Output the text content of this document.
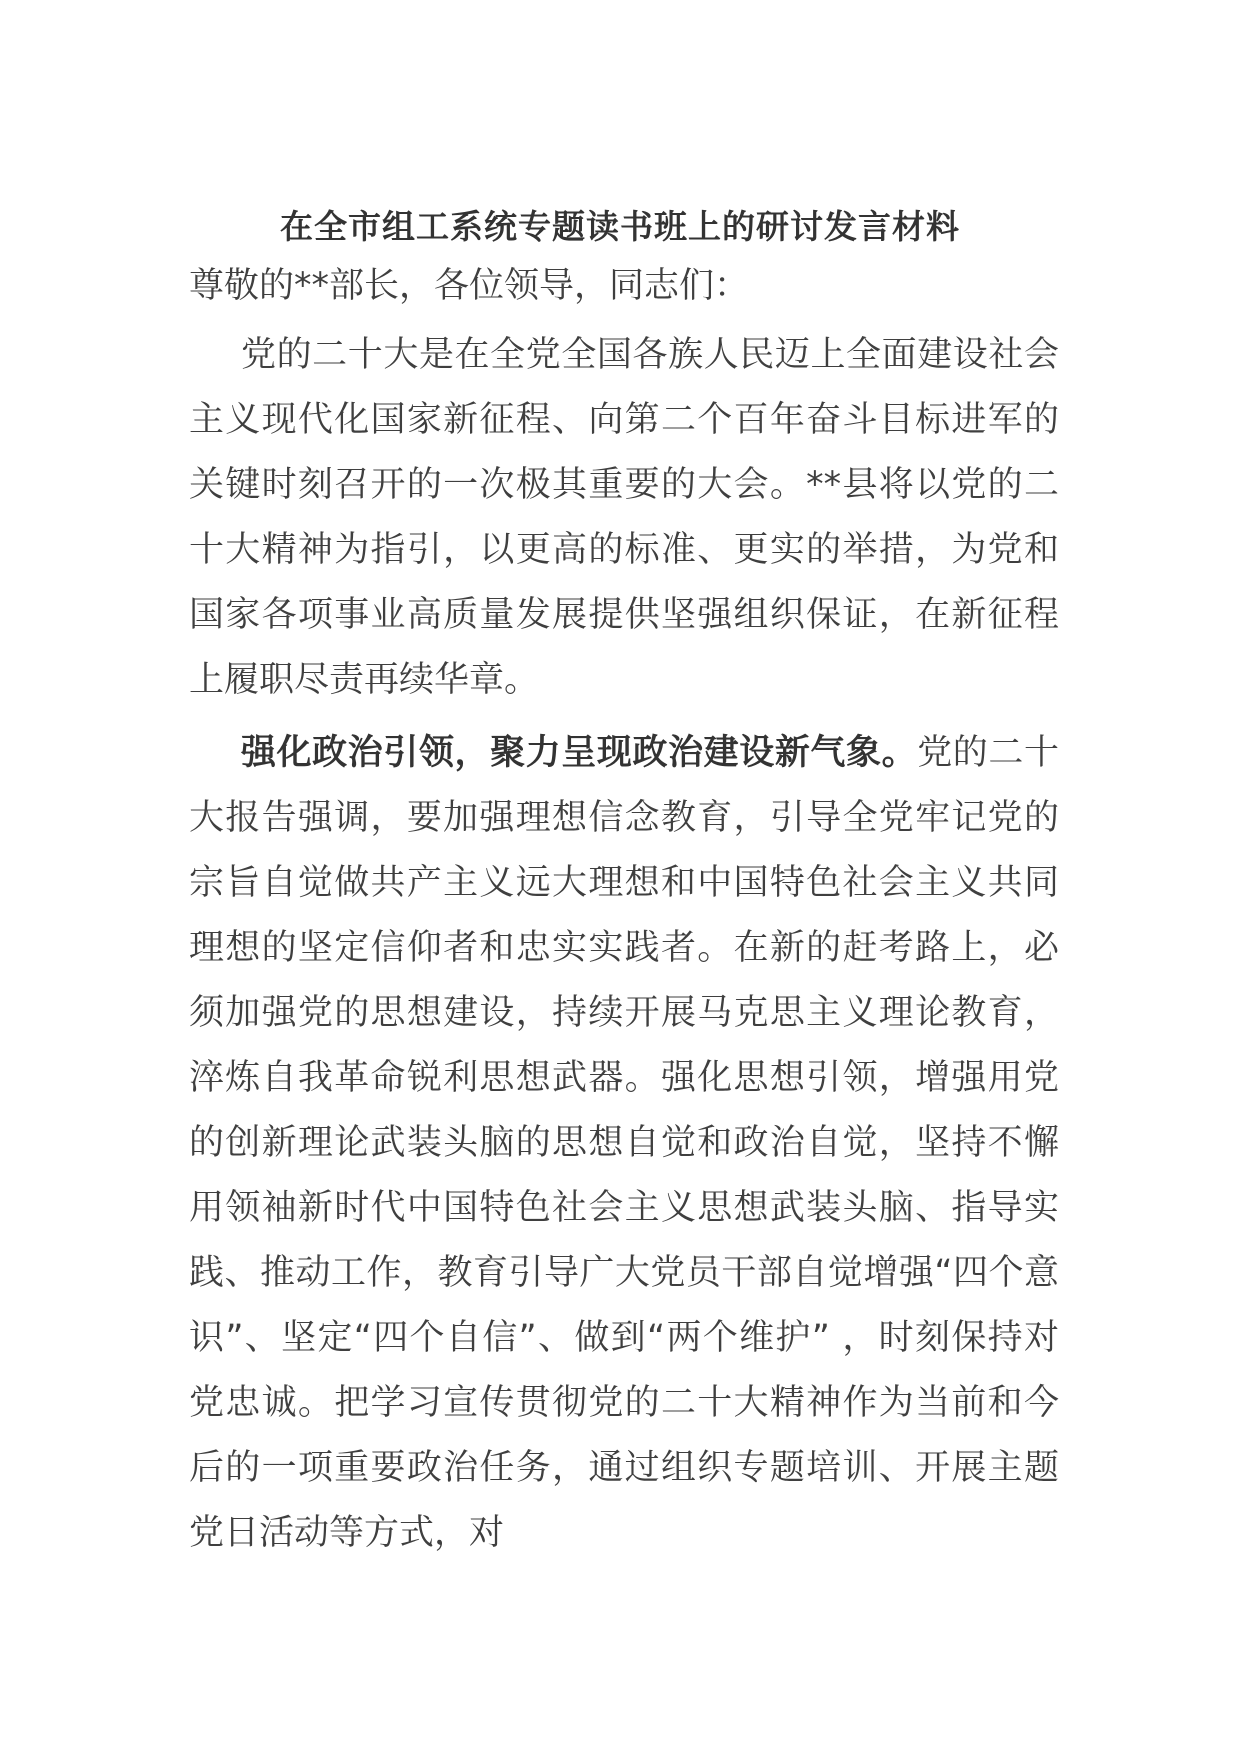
在全市组工系统专题读书班上的研讨发言材料

尊敬的**部长，各位领导，同志们：

党的二十大是在全党全国各族人民迈上全面建设社会主义现代化国家新征程、向第二个百年奋斗目标进军的关键时刻召开的一次极其重要的大会。**县将以党的二十大精神为指引，以更高的标准、更实的举措，为党和国家各项事业高质量发展提供坚强组织保证，在新征程上履职尽责再续华章。

强化政治引领，聚力呈现政治建设新气象。党的二十大报告强调，要加强理想信念教育，引导全党牢记党的宗旨自觉做共产主义远大理想和中国特色社会主义共同理想的坚定信仰者和忠实实践者。在新的赶考路上，必须加强党的思想建设，持续开展马克思主义理论教育，淬炼自我革命锐利思想武器。强化思想引领，增强用党的创新理论武装头脑的思想自觉和政治自觉，坚持不懈用领袖新时代中国特色社会主义思想武装头脑、指导实践、推动工作，教育引导广大党员干部自觉增强“四个意识”、坚定“四个自信”、做到“两个维护” ，时刻保持对党忠诚。把学习宣传贯彻党的二十大精神作为当前和今后的一项重要政治任务，通过组织专题培训、开展主题党日活动等方式，对
